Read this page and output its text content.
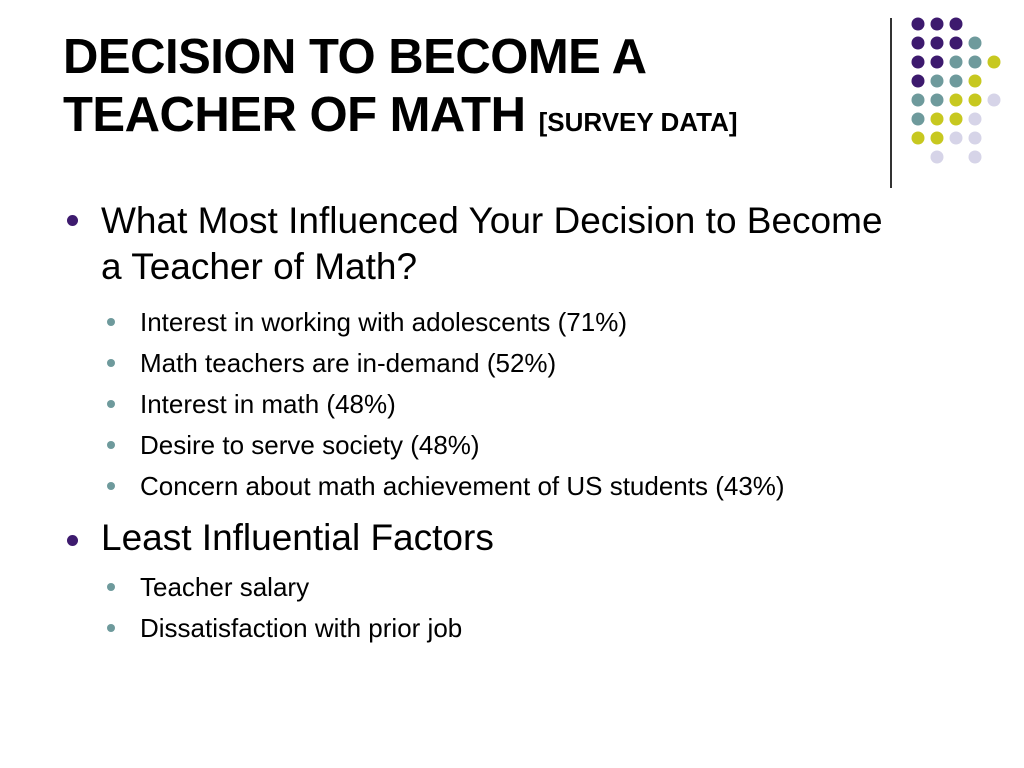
DECISION TO BECOME A TEACHER OF MATH [SURVEY DATA]
What Most Influenced Your Decision to Become a Teacher of Math?
Interest in working with adolescents (71%)
Math teachers are in-demand (52%)
Interest in math (48%)
Desire to serve society (48%)
Concern about math achievement of US students (43%)
Least Influential Factors
Teacher salary
Dissatisfaction with prior job
